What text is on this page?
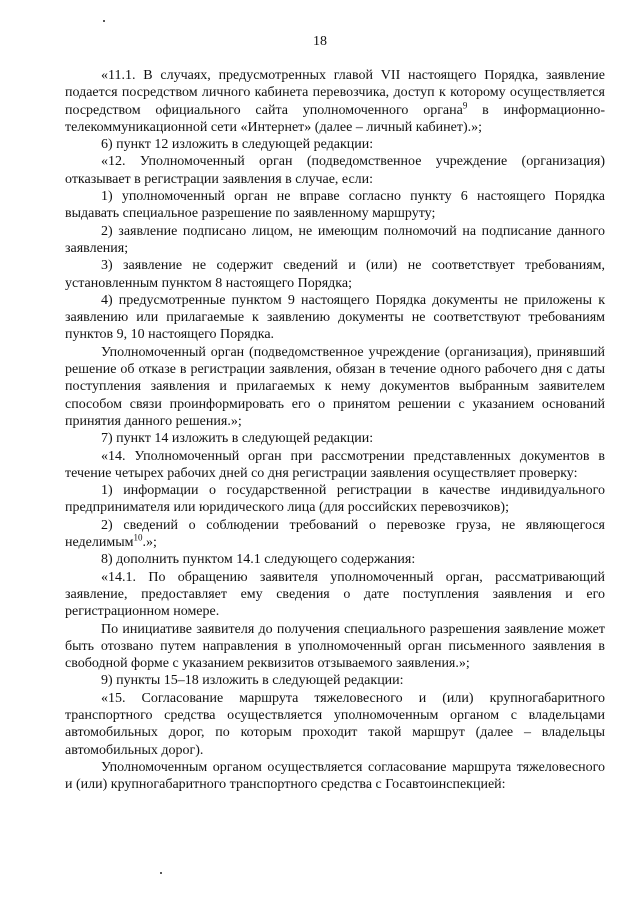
18

«11.1. В случаях, предусмотренных главой VII настоящего Порядка, заявление подается посредством личного кабинета перевозчика, доступ к которому осуществляется посредством официального сайта уполномоченного органа$^9$ в информационно-телекоммуникационной сети «Интернет» (далее – личный кабинет).»;

6) пункт 12 изложить в следующей редакции:

«12. Уполномоченный орган (подведомственное учреждение (организация) отказывает в регистрации заявления в случае, если:

1) уполномоченный орган не вправе согласно пункту 6 настоящего Порядка выдавать специальное разрешение по заявленному маршруту;

2) заявление подписано лицом, не имеющим полномочий на подписание данного заявления;

3) заявление не содержит сведений и (или) не соответствует требованиям, установленным пунктом 8 настоящего Порядка;

4) предусмотренные пунктом 9 настоящего Порядка документы не приложены к заявлению или прилагаемые к заявлению документы не соответствуют требованиям пунктов 9, 10 настоящего Порядка.

Уполномоченный орган (подведомственное учреждение (организация), принявший решение об отказе в регистрации заявления, обязан в течение одного рабочего дня с даты поступления заявления и прилагаемых к нему документов выбранным заявителем способом связи проинформировать его о принятом решении с указанием оснований принятия данного решения.»;

7) пункт 14 изложить в следующей редакции:

«14. Уполномоченный орган при рассмотрении представленных документов в течение четырех рабочих дней со дня регистрации заявления осуществляет проверку:

1) информации о государственной регистрации в качестве индивидуального предпринимателя или юридического лица (для российских перевозчиков);

2) сведений о соблюдении требований о перевозке груза, не являющегося неделимым$^{10}$.»;

8) дополнить пунктом 14.1 следующего содержания:

«14.1. По обращению заявителя уполномоченный орган, рассматривающий заявление, предоставляет ему сведения о дате поступления заявления и его регистрационном номере.

По инициативе заявителя до получения специального разрешения заявление может быть отозвано путем направления в уполномоченный орган письменного заявления в свободной форме с указанием реквизитов отзываемого заявления.»;

9) пункты 15–18 изложить в следующей редакции:

«15. Согласование маршрута тяжеловесного и (или) крупногабаритного транспортного средства осуществляется уполномоченным органом с владельцами автомобильных дорог, по которым проходит такой маршрут (далее – владельцы автомобильных дорог).

Уполномоченным органом осуществляется согласование маршрута тяжеловесного и (или) крупногабаритного транспортного средства с Госавтоинспекцией:
